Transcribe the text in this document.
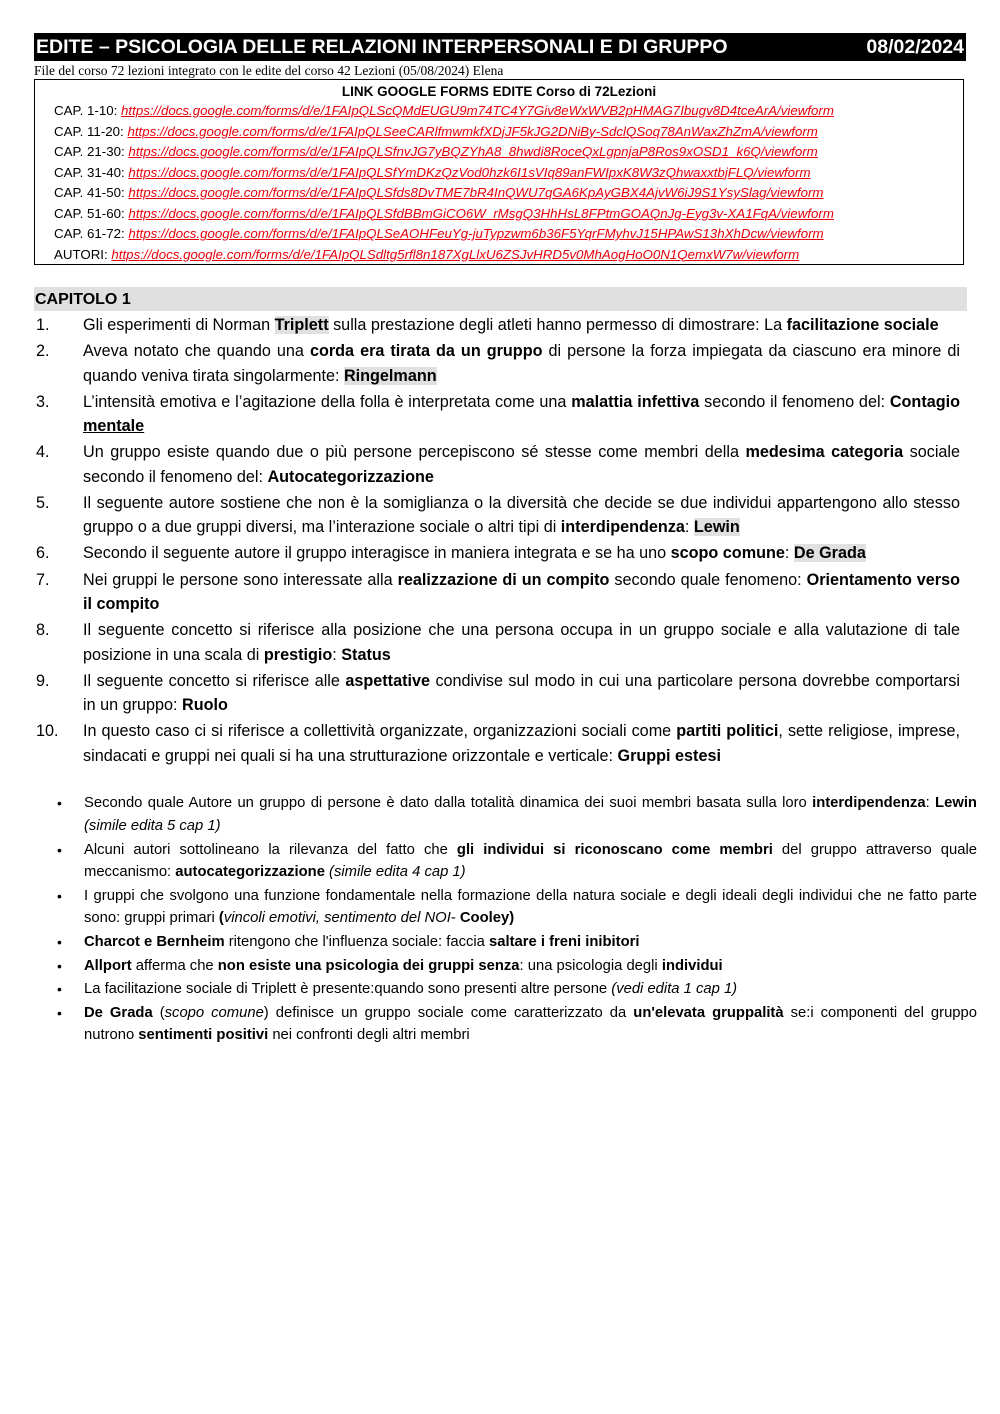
EDITE – PSICOLOGIA DELLE RELAZIONI INTERPERSONALI E DI GRUPPO	08/02/2024
File del corso 72 lezioni integrato con le edite del corso 42 Lezioni (05/08/2024) Elena
LINK GOOGLE FORMS EDITE Corso di 72Lezioni
CAP. 1-10: https://docs.google.com/forms/d/e/1FAIpQLScQMdEUGU9m74TC4Y7Giv8eWxWVB2pHMAG7Ibugv8D4tceArA/viewform
CAP. 11-20: https://docs.google.com/forms/d/e/1FAIpQLSeeCARlfmwmkfXDjJF5kJG2DNiBy-SdclQSoq78AnWaxZhZmA/viewform
CAP. 21-30: https://docs.google.com/forms/d/e/1FAIpQLSfnvJG7yBQZYhA8_8hwdi8RoceQxLgpnjaP8Ros9xOSD1_k6Q/viewform
CAP. 31-40: https://docs.google.com/forms/d/e/1FAIpQLSfYmDKzQzVod0hzk6I1sVIq89anFWIpxK8W3zQhwaxxtbjFLQ/viewform
CAP. 41-50: https://docs.google.com/forms/d/e/1FAIpQLSfds8DvTME7bR4InQWU7qGA6KpAyGBX4AjvW6iJ9S1YsySlag/viewform
CAP. 51-60: https://docs.google.com/forms/d/e/1FAIpQLSfdBBmGiCO6W_rMsgQ3HhHsL8FPtmGOAQnJg-Eyg3v-XA1FqA/viewform
CAP. 61-72: https://docs.google.com/forms/d/e/1FAIpQLSeAOHFeuYg-juTypzwm6b36F5YqrFMyhvJ15HPAwS13hXhDcw/viewform
AUTORI: https://docs.google.com/forms/d/e/1FAIpQLSdltg5rfl8n187XgLlxU6ZSJvHRD5v0MhAogHoO0N1QemxW7w/viewform
CAPITOLO 1
1. Gli esperimenti di Norman Triplett sulla prestazione degli atleti hanno permesso di dimostrare: La facilitazione sociale
2. Aveva notato che quando una corda era tirata da un gruppo di persone la forza impiegata da ciascuno era minore di quando veniva tirata singolarmente: Ringelmann
3. L’intensità emotiva e l’agitazione della folla è interpretata come una malattia infettiva secondo il fenomeno del: Contagio mentale
4. Un gruppo esiste quando due o più persone percepiscono sé stesse come membri della medesima categoria sociale secondo il fenomeno del: Autocategorizzazione
5. Il seguente autore sostiene che non è la somiglianza o la diversità che decide se due individui appartengono allo stesso gruppo o a due gruppi diversi, ma l’interazione sociale o altri tipi di interdipendenza: Lewin
6. Secondo il seguente autore il gruppo interagisce in maniera integrata e se ha uno scopo comune: De Grada
7. Nei gruppi le persone sono interessate alla realizzazione di un compito secondo quale fenomeno: Orientamento verso il compito
8. Il seguente concetto si riferisce alla posizione che una persona occupa in un gruppo sociale e alla valutazione di tale posizione in una scala di prestigio: Status
9. Il seguente concetto si riferisce alle aspettative condivise sul modo in cui una particolare persona dovrebbe comportarsi in un gruppo: Ruolo
10. In questo caso ci si riferisce a collettività organizzate, organizzazioni sociali come partiti politici, sette religiose, imprese, sindacati e gruppi nei quali si ha una strutturazione orizzontale e verticale: Gruppi estesi
• Secondo quale Autore un gruppo di persone è dato dalla totalità dinamica dei suoi membri basata sulla loro interdipendenza: Lewin (simile edita 5 cap 1)
• Alcuni autori sottolineano la rilevanza del fatto che gli individui si riconoscano come membri del gruppo attraverso quale meccanismo: autocategorizzazione (simile edita 4 cap 1)
• I gruppi che svolgono una funzione fondamentale nella formazione della natura sociale e degli ideali degli individui che ne fatto parte sono: gruppi primari (vincoli emotivi, sentimento del NOI- Cooley)
• Charcot e Bernheim ritengono che l'influenza sociale: faccia saltare i freni inibitori
• Allport afferma che non esiste una psicologia dei gruppi senza: una psicologia degli individui
• La facilitazione sociale di Triplett è presente:quando sono presenti altre persone (vedi edita 1 cap 1)
• De Grada (scopo comune) definisce un gruppo sociale come caratterizzato da un'elevata gruppalità se:i componenti del gruppo nutrono sentimenti positivi nei confronti degli altri membri
